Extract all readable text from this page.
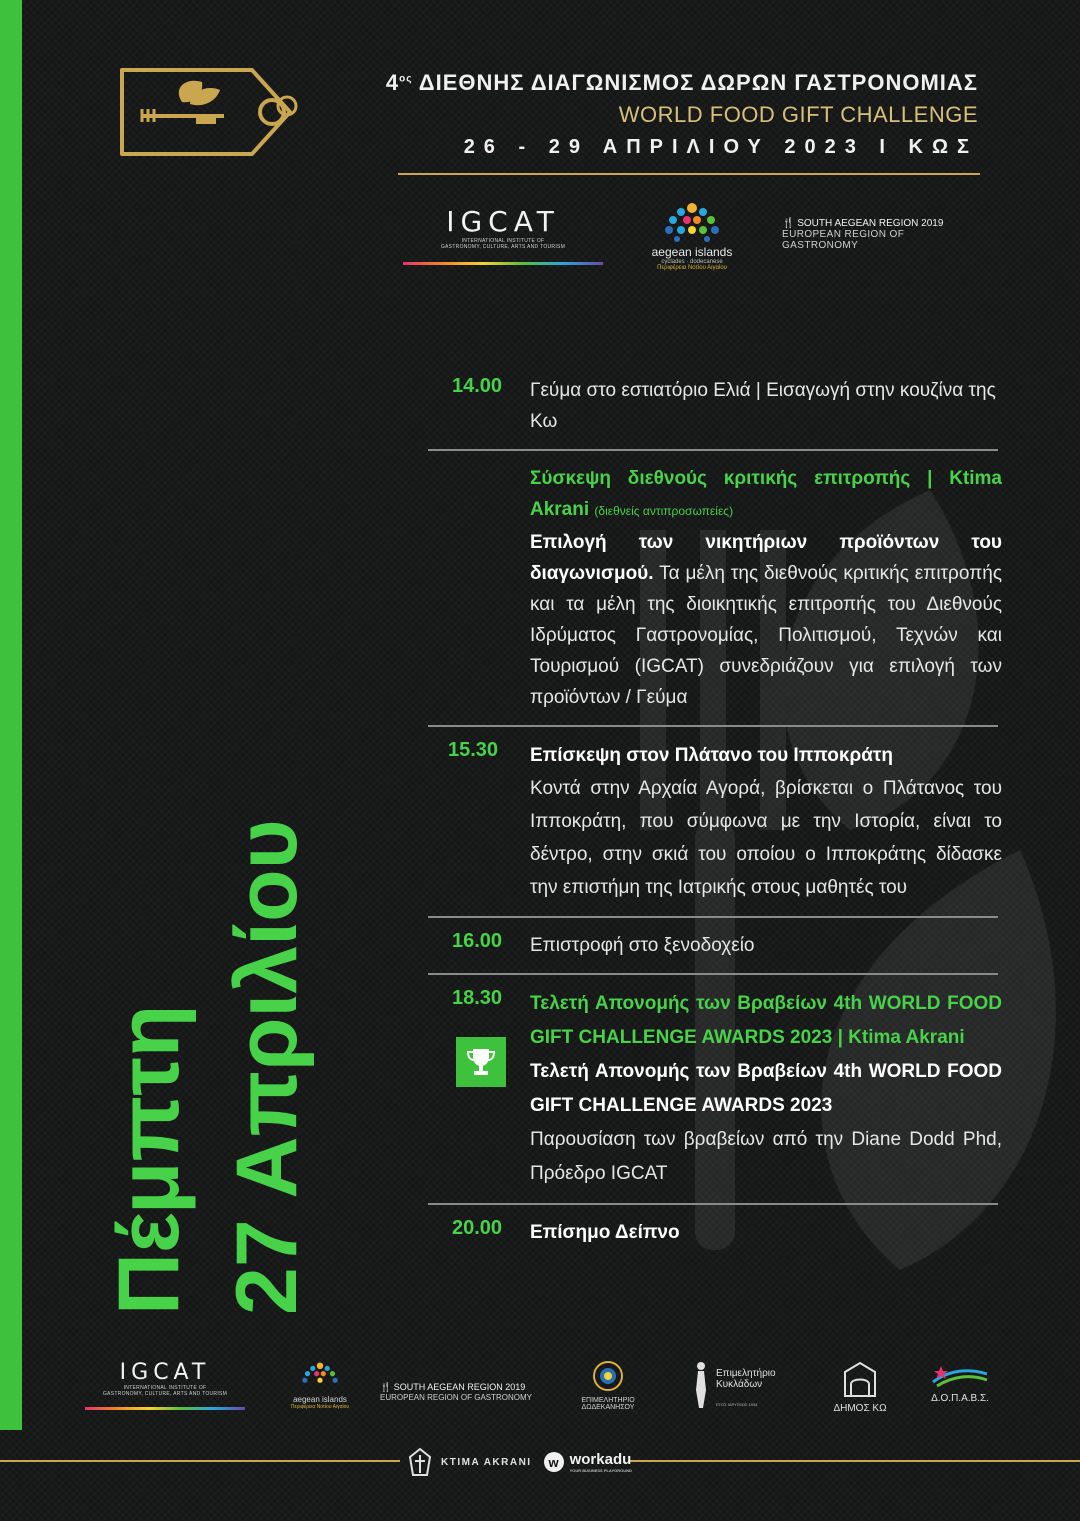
$4^{o\varsigma}$ ΔΙΕΘΝΗΣ ΔΙΑΓΩΝΙΣΜΟΣ ΔΩΡΩΝ ΓΑΣΤΡΟΝΟΜΙΑΣ
WORLD FOOD GIFT CHALLENGE
26 - 29 ΑΠΡΙΛΙΟΥ 2023 Ι ΚΩΣ
IGCAT
INTERNATIONAL INSTITUTE OF
GASTRONOMY, CULTURE, ARTS AND TOURISM	aegean islands
cyclades · dodecanese
Περιφέρεια Νοτίου Αιγαίου
🍴 SOUTH AEGEAN REGION 2019
EUROPEAN REGION OF GASTRONOMY
Πέμπτη 27 Απριλίου
14.00 Γεύμα στο εστιατόριο Ελιά | Εισαγωγή στην κουζίνα της Κω
Σύσκεψη διεθνούς κριτικής επιτροπής | Ktima Akrani (διεθνείς αντιπροσωπείες)
Επιλογή των νικητήριων προϊόντων του διαγωνισμού. Τα μέλη της διεθνούς κριτικής επιτροπής και τα μέλη της διοικητικής επιτροπής του Διεθνούς Ιδρύματος Γαστρονομίας, Πολιτισμού, Τεχνών και Τουρισμού (IGCAT) συνεδριάζουν για επιλογή των προϊόντων / Γεύμα
15.30 Επίσκεψη στον Πλάτανο του Ιπποκράτη
Κοντά στην Αρχαία Αγορά, βρίσκεται ο Πλάτανος του Ιπποκράτη, που σύμφωνα με την Ιστορία, είναι το δέντρο, στην σκιά του οποίου ο Ιπποκράτης δίδασκε την επιστήμη της Ιατρικής στους μαθητές του
16.00 Επιστροφή στο ξενοδοχείο
18.30 Τελετή Απονομής των Βραβείων 4th WORLD FOOD GIFT CHALLENGE AWARDS 2023 | Ktima Akrani
Τελετή Απονομής των Βραβείων 4th WORLD FOOD GIFT CHALLENGE AWARDS 2023
Παρουσίαση των βραβείων από την Diane Dodd Phd, Πρόεδρο IGCAT
20.00 Επίσημο Δείπνο
IGCAT
INTERNATIONAL INSTITUTE OF
GASTRONOMY, CULTURE, ARTS AND TOURISM
aegean islands
Περιφέρεια Νοτίου Αιγαίου
🍴 SOUTH AEGEAN REGION 2019
EUROPEAN REGION OF GASTRONOMY	ΕΠΙΜΕΛΗΤΗΡΙΟ ΔΩΔΕΚΑΝΗΣΟΥ
Επιμελητήριο
Κυκλάδων
ΕΤΟΣ ΙΔΡΥΣΕΩΣ 1934	ΔΗΜΟΣ ΚΩ
Δ.Ο.Π.Α.Β.Σ.
KTIMA AKRANI	w workadu
YOUR BUSINESS PLAYGROUND
